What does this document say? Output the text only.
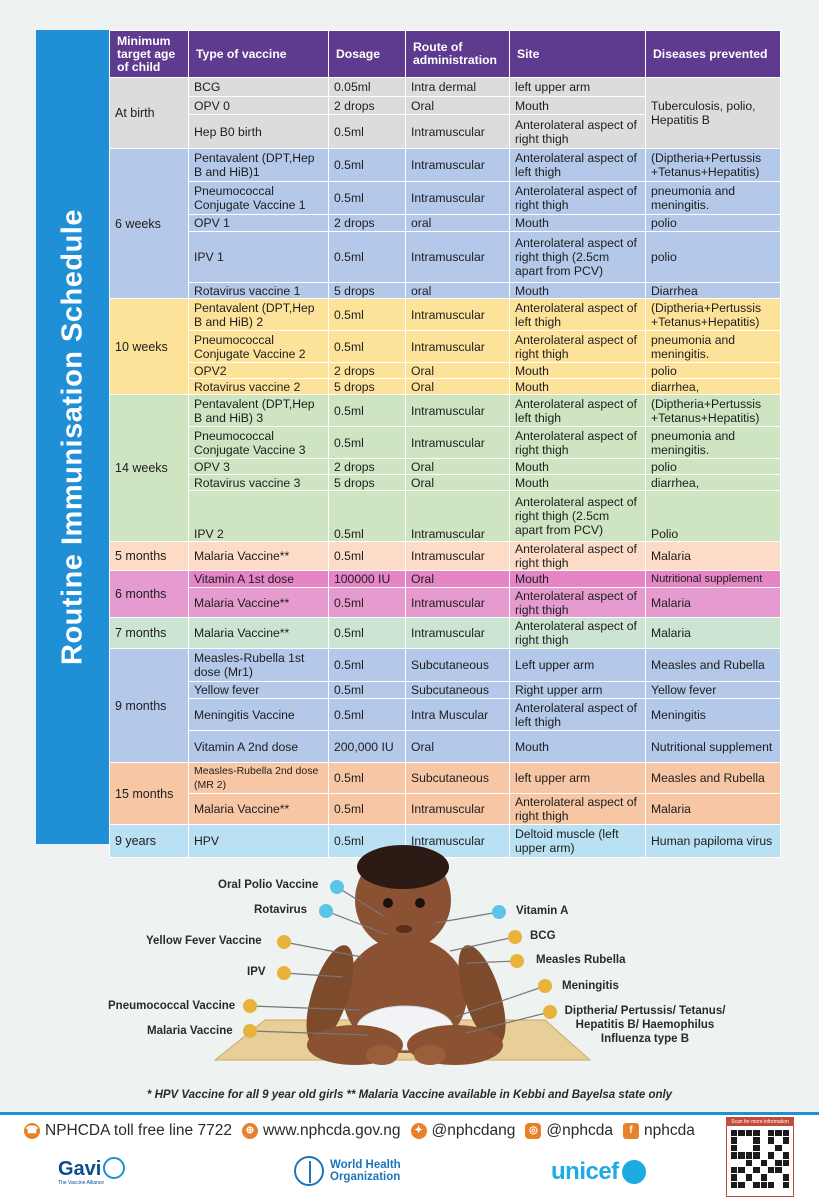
Routine Immunisation Schedule
Minimum target age of child	Type of vaccine	Dosage	Route of administration	Site	Diseases prevented
At birth	BCG	0.05ml	Intra dermal	left upper arm	Tuberculosis, polio, Hepatitis B
	OPV 0	2 drops	Oral	Mouth	
	Hep B0 birth	0.5ml	Intramuscular	Anterolateral aspect of right thigh	
6 weeks	Pentavalent (DPT,Hep B and HiB)1	0.5ml	Intramuscular	Anterolateral aspect of left thigh	(Diptheria+Pertussis +Tetanus+Hepatitis)
	Pneumococcal Conjugate Vaccine 1	0.5ml	Intramuscular	Anterolateral aspect of right thigh	pneumonia and meningitis.
	OPV 1	2 drops	oral	Mouth	polio
	IPV 1	0.5ml	Intramuscular	Anterolateral aspect of right thigh (2.5cm apart from PCV)	polio
	Rotavirus vaccine 1	5 drops	oral	Mouth	Diarrhea
10 weeks	Pentavalent (DPT,Hep B and HiB) 2	0.5ml	Intramuscular	Anterolateral aspect of left thigh	(Diptheria+Pertussis +Tetanus+Hepatitis)
	Pneumococcal Conjugate Vaccine 2	0.5ml	Intramuscular	Anterolateral aspect of right thigh	pneumonia and meningitis.
	OPV2	2 drops	Oral	Mouth	polio
	Rotavirus vaccine 2	5 drops	Oral	Mouth	diarrhea,
14 weeks	Pentavalent (DPT,Hep B and HiB) 3	0.5ml	Intramuscular	Anterolateral aspect of left thigh	(Diptheria+Pertussis +Tetanus+Hepatitis)
	Pneumococcal Conjugate Vaccine 3	0.5ml	Intramuscular	Anterolateral aspect of right thigh	pneumonia and meningitis.
	OPV 3	2 drops	Oral	Mouth	polio
	Rotavirus vaccine 3	5 drops	Oral	Mouth	diarrhea,
	IPV 2	0.5ml	Intramuscular	Anterolateral aspect of right thigh (2.5cm apart from PCV)	Polio
5 months	Malaria Vaccine**	0.5ml	Intramuscular	Anterolateral aspect of right thigh	Malaria
6 months	Vitamin A 1st dose	100000 IU	Oral	Mouth	Nutritional supplement
	Malaria Vaccine**	0.5ml	Intramuscular	Anterolateral aspect of right thigh	Malaria
7 months	Malaria Vaccine**	0.5ml	Intramuscular	Anterolateral aspect of right thigh	Malaria
9 months	Measles-Rubella 1st dose (Mr1)	0.5ml	Subcutaneous	Left upper arm	Measles and Rubella
	Yellow fever	0.5ml	Subcutaneous	Right upper arm	Yellow fever
	Meningitis Vaccine	0.5ml	Intra Muscular	Anterolateral aspect of left thigh	Meningitis
	Vitamin A 2nd dose	200,000 IU	Oral	Mouth	Nutritional supplement
15 months	Measles-Rubella 2nd dose (MR 2)	0.5ml	Subcutaneous	left upper arm	Measles and Rubella
	Malaria Vaccine**	0.5ml	Intramuscular	Anterolateral aspect of right thigh	Malaria
9 years	HPV	0.5ml	Intramuscular	Deltoid muscle (left upper arm)	Human papiloma virus
Oral Polio Vaccine
Rotavirus
Yellow Fever Vaccine
IPV
Pneumococcal Vaccine
Malaria Vaccine
Vitamin A
BCG
Measles Rubella
Meningitis
Diptheria/ Pertussis/ Tetanus/ Hepatitis B/ Haemophilus Influenza type B
* HPV Vaccine for all 9 year old girls ** Malaria Vaccine available in Kebbi and Bayelsa state only
☎ NPHCDA toll free line 7722	⊕ www.nphcda.gov.ng	✦ @nphcdang	◎ @nphcda	f nphcda
Gavi
The Vaccine Alliance
World Health
Organization	unicef
Scan for more information
